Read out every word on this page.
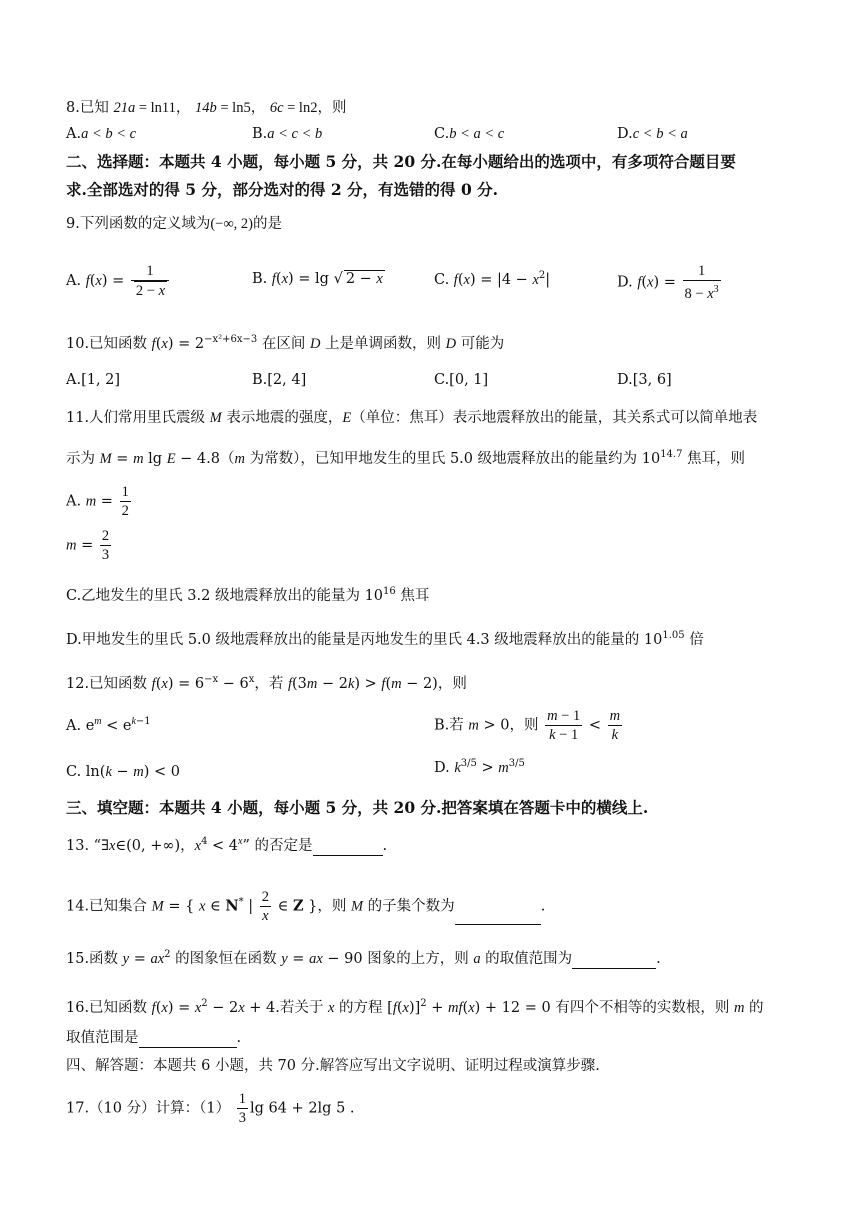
8.已知 21a = ln11， 14b = ln5， 6c = ln2，则
A.a < b < c	B.a < c < b	C.b < a < c	D.c < b < a
二、选择题：本题共 4 小题，每小题 5 分，共 20 分.在每小题给出的选项中，有多项符合题目要
求.全部选对的得 5 分，部分选对的得 2 分，有选错的得 0 分.
9.下列函数的定义域为(−∞, 2)的是
A. $f(x) = \frac{1}{2 - x}$	B. f(x) = lg √ 2 − x	C. $f(x) = |4 - x^2|$	D. $f(x) = \frac{1}{8 - x^3}$
10.已知函数 $f(x) = 2^{-x^2+6x-3}$ 在区间 D 上是单调函数，则 D 可能为
A.[1, 2]	B.[2, 4]	C.[0, 1]	D.[3, 6]
11.人们常用里氏震级 M 表示地震的强度，E（单位：焦耳）表示地震释放出的能量，其关系式可以简单地表
示为 M = m lg E − 4.8（m 为常数），已知甲地发生的里氏 5.0 级地震释放出的能量约为 $10^{14.7}$ 焦耳，则
A. $m = \frac{1}{2}$
$m = \frac{2}{3}$
C.乙地发生的里氏 3.2 级地震释放出的能量为 $10^{16}$ 焦耳
D.甲地发生的里氏 5.0 级地震释放出的能量是丙地发生的里氏 4.3 级地震释放出的能量的 $10^{1.05}$ 倍
12.已知函数 $f(x) = 6^{-x} - 6^x$，若 f(3m − 2k) > f(m − 2)，则
A. $e^m < e^{k-1}$	B.若 m > 0，则 $\frac{m - 1}{k - 1} < \frac{m}{k}$
C. ln(k − m) < 0	D. $k^{3/5} > m^{3/5}$
三、填空题：本题共 4 小题，每小题 5 分，共 20 分.把答案填在答题卡中的横线上.
13. “∃x∈(0, +∞)，$x^4 < 4^x$” 的否定是	.
14.已知集合 M = { x ∈ N* | $\frac{2}{x}$ ∈ Z }，则 M 的子集个数为	.
15.函数 $y = ax^2$ 的图象恒在函数 y = ax − 90 图象的上方，则 a 的取值范围为	.
16.已知函数 $f(x) = x^2 - 2x + 4$.若关于 x 的方程 $[f(x)]^2 + mf(x) + 12 = 0$ 有四个不相等的实数根，则 m 的
取值范围是	.
四、解答题：本题共 6 小题，共 70 分.解答应写出文字说明、证明过程或演算步骤.
17.（10 分）计算：$(1) \frac{1}{3}$ lg 64 + 2lg 5 .
